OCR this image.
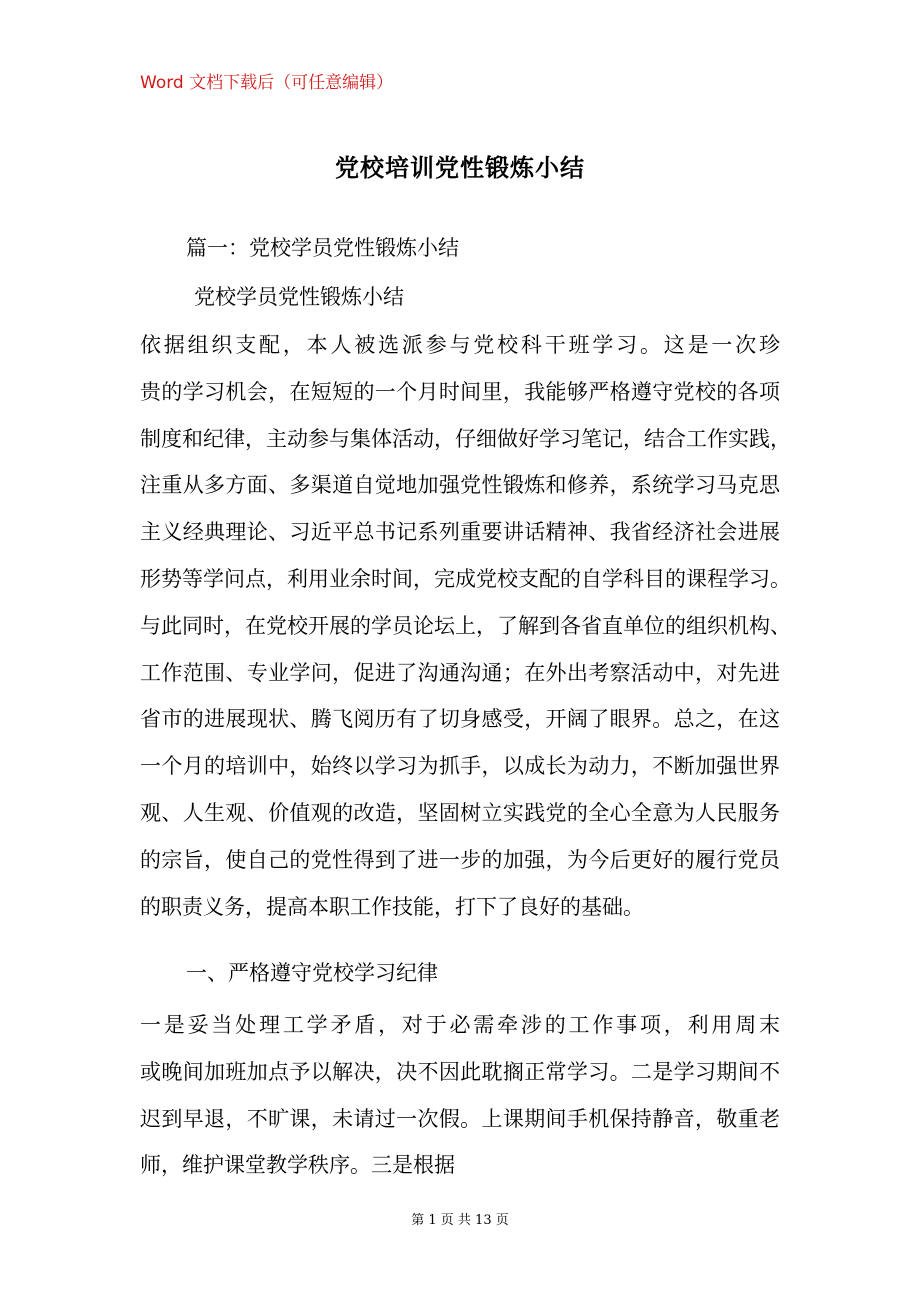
Word 文档下载后（可任意编辑）
党校培训党性锻炼小结
篇一：党校学员党性锻炼小结
党校学员党性锻炼小结
依据组织支配，本人被选派参与党校科干班学习。这是一次珍
贵的学习机会，在短短的一个月时间里，我能够严格遵守党校的各项
制度和纪律，主动参与集体活动，仔细做好学习笔记，结合工作实践，
注重从多方面、多渠道自觉地加强党性锻炼和修养，系统学习马克思
主义经典理论、习近平总书记系列重要讲话精神、我省经济社会进展
形势等学问点，利用业余时间，完成党校支配的自学科目的课程学习。
与此同时，在党校开展的学员论坛上，了解到各省直单位的组织机构、
工作范围、专业学问，促进了沟通沟通；在外出考察活动中，对先进
省市的进展现状、腾飞阅历有了切身感受，开阔了眼界。总之，在这
一个月的培训中，始终以学习为抓手，以成长为动力，不断加强世界
观、人生观、价值观的改造，坚固树立实践党的全心全意为人民服务
的宗旨，使自己的党性得到了进一步的加强，为今后更好的履行党员
的职责义务，提高本职工作技能，打下了良好的基础。
一、严格遵守党校学习纪律
一是妥当处理工学矛盾，对于必需牵涉的工作事项，利用周末
或晚间加班加点予以解决，决不因此耽搁正常学习。二是学习期间不
迟到早退，不旷课，未请过一次假。上课期间手机保持静音，敬重老
师，维护课堂教学秩序。三是根据
第 1 页 共 13 页
